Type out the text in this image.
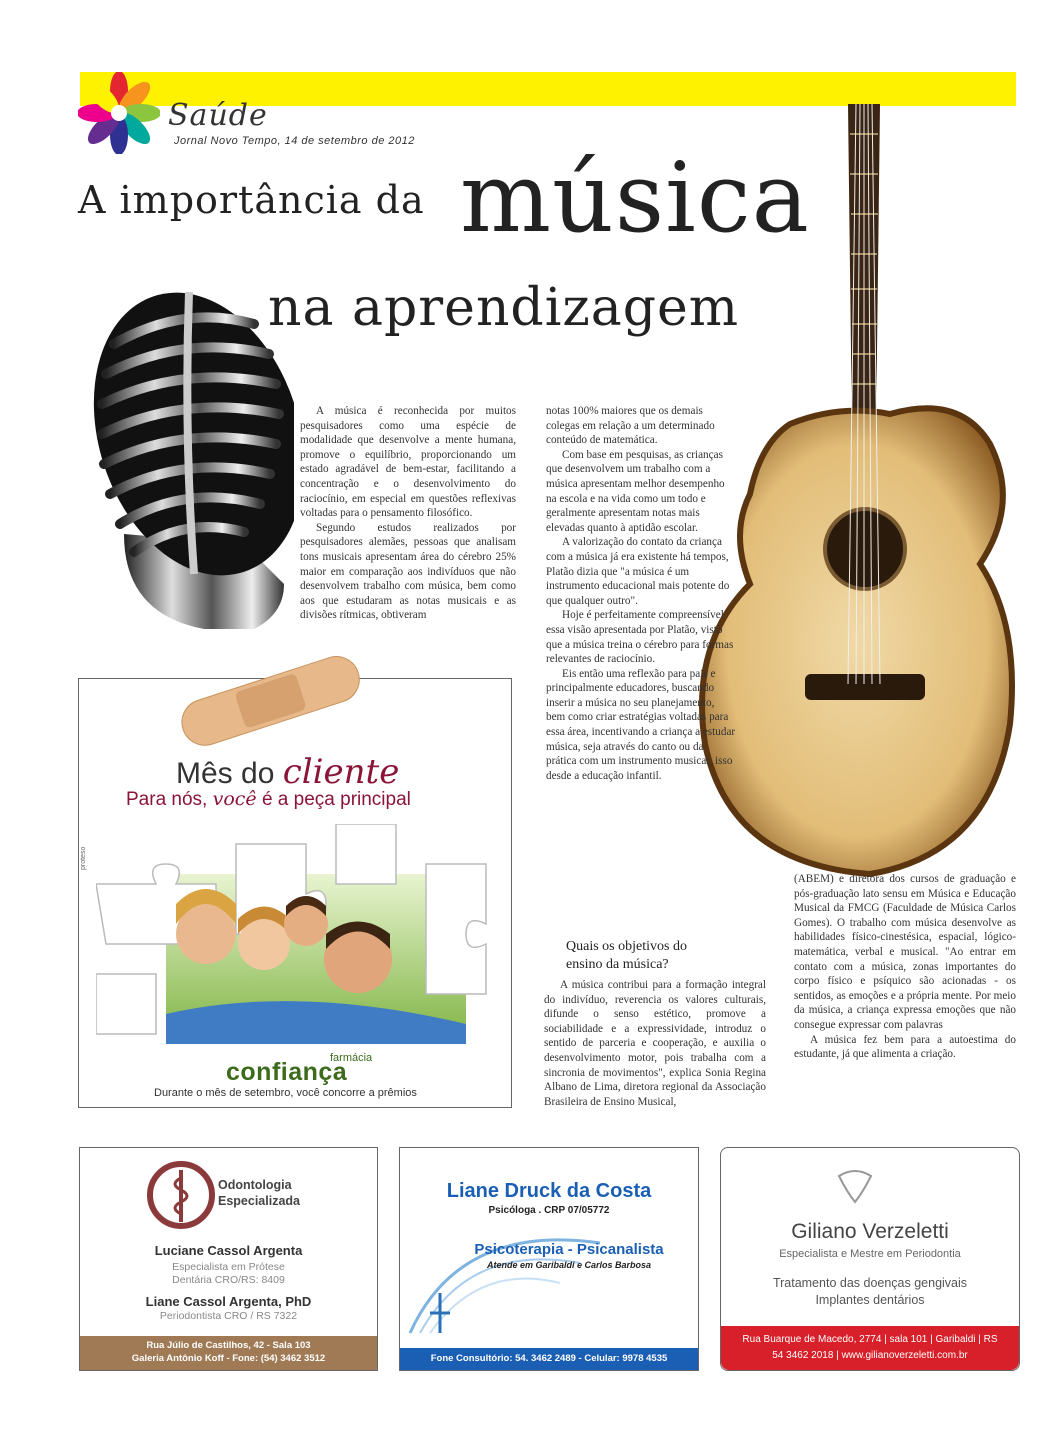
Saúde
Jornal Novo Tempo, 14 de setembro de 2012
A importância da música
na aprendizagem

A música é reconhecida por muitos pesquisadores como uma espécie de modalidade que desenvolve a mente humana, promove o equilíbrio, proporcionando um estado agradável de bem-estar, facilitando a concentração e o desenvolvimento do raciocínio, em especial em questões reflexivas voltadas para o pensamento filosófico.

Segundo estudos realizados por pesquisadores alemães, pessoas que analisam tons musicais apresentam área do cérebro 25% maior em comparação aos indivíduos que não desenvolvem trabalho com música, bem como aos que estudaram as notas musicais e as divisões rítmicas, obtiveram

notas 100% maiores que os demais colegas em relação a um determinado conteúdo de matemática.

Com base em pesquisas, as crianças que desenvolvem um trabalho com a música apresentam melhor desempenho na escola e na vida como um todo e geralmente apresentam notas mais elevadas quanto à aptidão escolar.

A valorização do contato da criança com a música já era existente há tempos, Platão dizia que "a música é um instrumento educacional mais potente do que qualquer outro".

Hoje é perfeitamente compreensível essa visão apresentada por Platão, visto que a música treina o cérebro para formas relevantes de raciocínio.

Eis então uma reflexão para pais e principalmente educadores, buscando inserir a música no seu planejamento, bem como criar estratégias voltadas para essa área, incentivando a criança a estudar música, seja através do canto ou da prática com um instrumento musical, isso desde a educação infantil.

Quais os objetivos do ensino da música?

A música contribui para a formação integral do indivíduo, reverencia os valores culturais, difunde o senso estético, promove a sociabilidade e a expressividade, introduz o sentido de parceria e cooperação, e auxilia o desenvolvimento motor, pois trabalha com a sincronia de movimentos", explica Sonia Regina Albano de Lima, diretora regional da Associação Brasileira de Ensino Musical,

(ABEM) e diretora dos cursos de graduação e pós-graduação lato sensu em Música e Educação Musical da FMCG (Faculdade de Música Carlos Gomes). O trabalho com música desenvolve as habilidades físico-cinestésica, espacial, lógico-matemática, verbal e musical. "Ao entrar em contato com a música, zonas importantes do corpo físico e psíquico são acionadas - os sentidos, as emoções e a própria mente. Por meio da música, a criança expressa emoções que não consegue expressar com palavras

A música fez bem para a autoestima do estudante, já que alimenta a criação.

Mês do cliente
Para nós, você é a peça principal
proteso
farmácia
confiança
Durante o mês de setembro, você concorre a prêmios
Odontologia
Especializada
Luciane Cassol Argenta
Especialista em Prótese
Dentária CRO/RS: 8409
Liane Cassol Argenta, PhD
Periodontista CRO / RS 7322
Rua Júlio de Castilhos, 42 - Sala 103
Galeria Antônio Koff - Fone: (54) 3462 3512
Liane Druck da Costa
Psicóloga . CRP 07/05772
Psicoterapia - Psicanalista
Atende em Garibaldi e Carlos Barbosa
Fone Consultório: 54. 3462 2489 - Celular: 9978 4535
Giliano Verzeletti
Especialista e Mestre em Periodontia
Tratamento das doenças gengivais
Implantes dentários
Rua Buarque de Macedo, 2774 | sala 101 | Garibaldi | RS
54 3462 2018 | www.gilianoverzeletti.com.br
